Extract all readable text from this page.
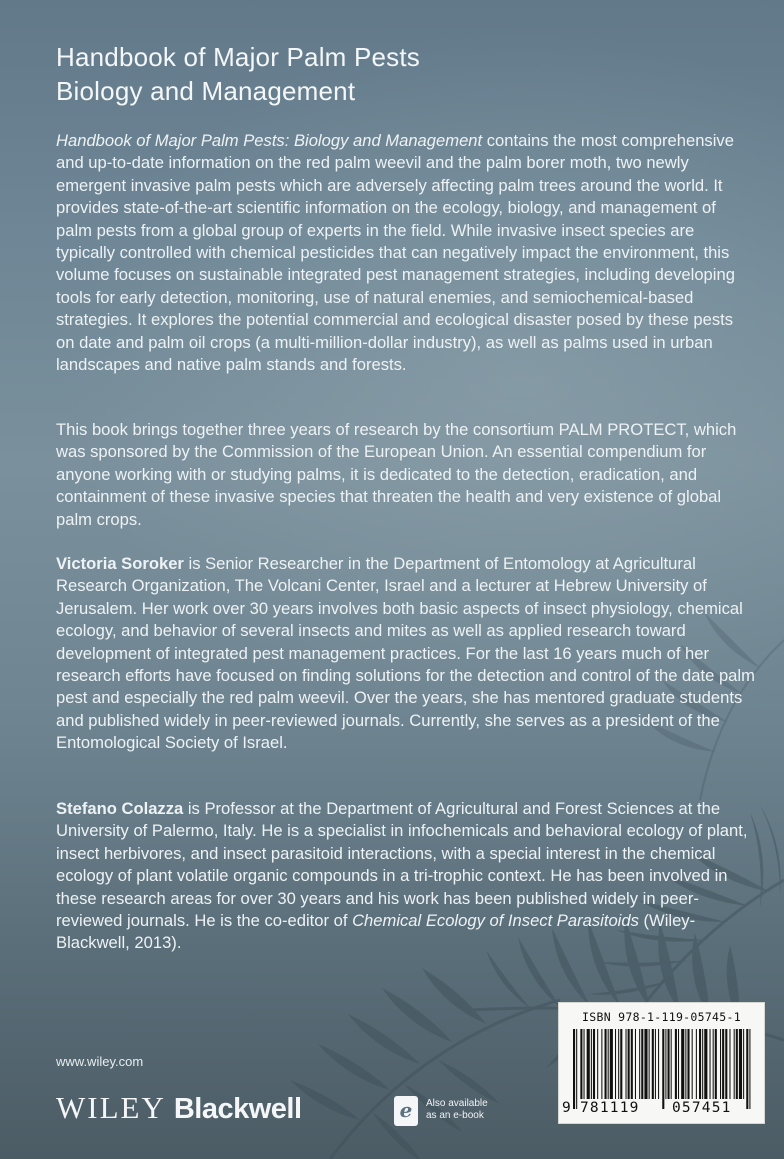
Handbook of Major Palm Pests
Biology and Management

Handbook of Major Palm Pests: Biology and Management contains the most comprehensive and up-to-date information on the red palm weevil and the palm borer moth, two newly emergent invasive palm pests which are adversely affecting palm trees around the world. It provides state-of-the-art scientific information on the ecology, biology, and management of palm pests from a global group of experts in the field. While invasive insect species are typically controlled with chemical pesticides that can negatively impact the environment, this volume focuses on sustainable integrated pest management strategies, including developing tools for early detection, monitoring, use of natural enemies, and semiochemical-based strategies. It explores the potential commercial and ecological disaster posed by these pests on date and palm oil crops (a multi-million-dollar industry), as well as palms used in urban landscapes and native palm stands and forests.

This book brings together three years of research by the consortium PALM PROTECT, which was sponsored by the Commission of the European Union. An essential compendium for anyone working with or studying palms, it is dedicated to the detection, eradication, and containment of these invasive species that threaten the health and very existence of global palm crops.

Victoria Soroker is Senior Researcher in the Department of Entomology at Agricultural Research Organization, The Volcani Center, Israel and a lecturer at Hebrew University of Jerusalem. Her work over 30 years involves both basic aspects of insect physiology, chemical ecology, and behavior of several insects and mites as well as applied research toward development of integrated pest management practices. For the last 16 years much of her research efforts have focused on finding solutions for the detection and control of the date palm pest and especially the red palm weevil. Over the years, she has mentored graduate students and published widely in peer-reviewed journals. Currently, she serves as a president of the Entomological Society of Israel.

Stefano Colazza is Professor at the Department of Agricultural and Forest Sciences at the University of Palermo, Italy. He is a specialist in infochemicals and behavioral ecology of plant, insect herbivores, and insect parasitoid interactions, with a special interest in the chemical ecology of plant volatile organic compounds in a tri-trophic context. He has been involved in these research areas for over 30 years and his work has been published widely in peer-reviewed journals. He is the co-editor of Chemical Ecology of Insect Parasitoids (Wiley-Blackwell, 2013).

www.wiley.com
WILEY Blackwell	e	Also available
as an e-book
ISBN 978-1-119-05745-1
9 781119 057451
